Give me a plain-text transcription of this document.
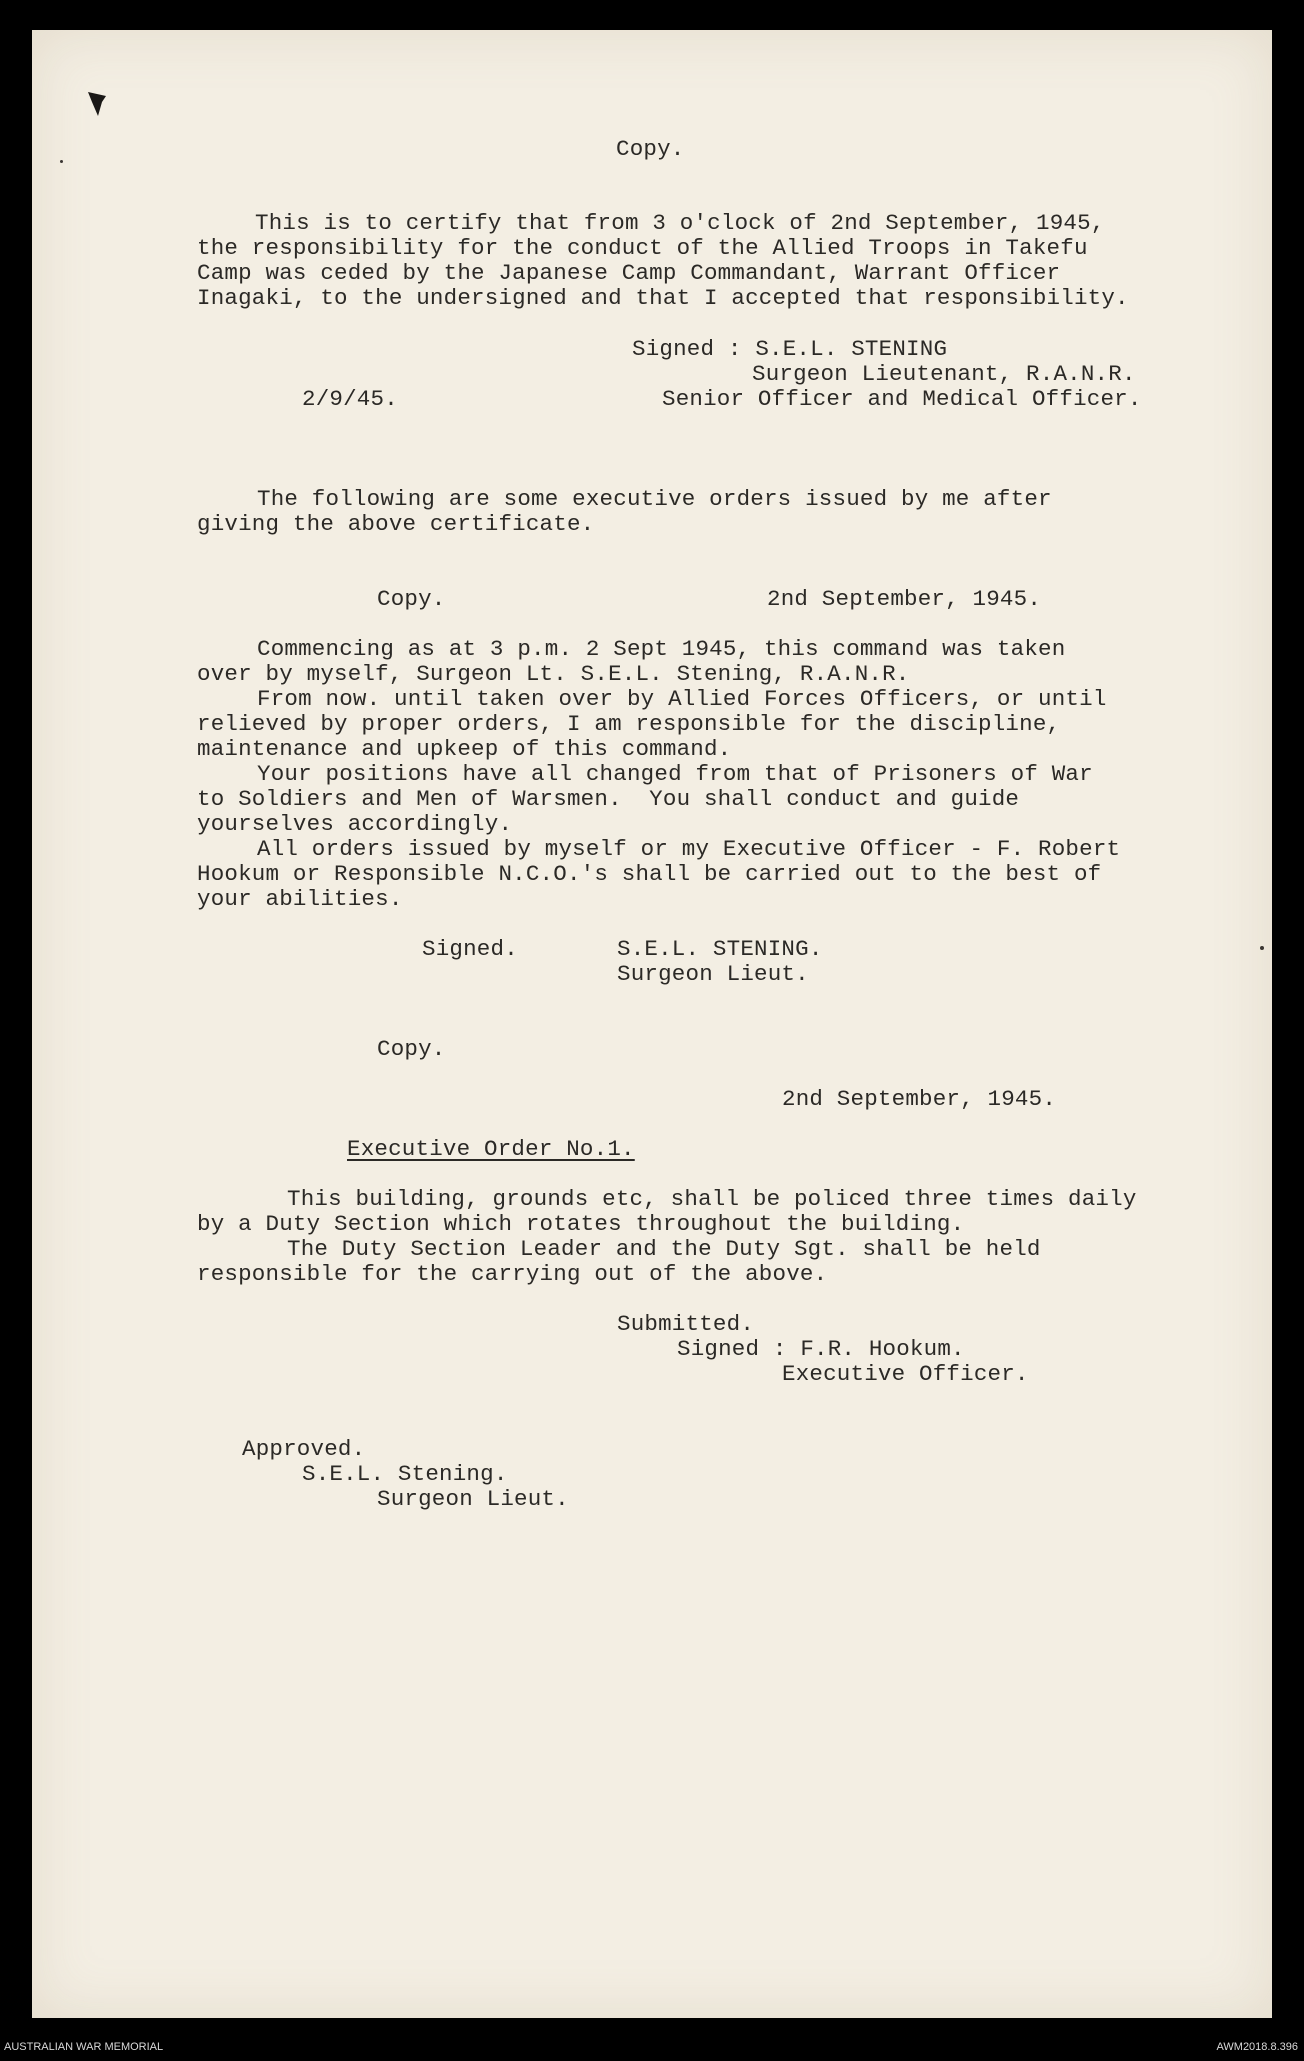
Copy.
This is to certify that from 3 o'clock of 2nd September, 1945,
the responsibility for the conduct of the Allied Troops in Takefu
Camp was ceded by the Japanese Camp Commandant, Warrant Officer
Inagaki, to the undersigned and that I accepted that responsibility.
Signed : S.E.L. STENING
Surgeon Lieutenant, R.A.N.R.
2/9/45.	Senior Officer and Medical Officer.
The following are some executive orders issued by me after
giving the above certificate.
Copy.	2nd September, 1945.
Commencing as at 3 p.m. 2 Sept 1945, this command was taken
over by myself, Surgeon Lt. S.E.L. Stening, R.A.N.R.
From now. until taken over by Allied Forces Officers, or until
relieved by proper orders, I am responsible for the discipline,
maintenance and upkeep of this command.
Your positions have all changed from that of Prisoners of War
to Soldiers and Men of Warsmen.  You shall conduct and guide
yourselves accordingly.
All orders issued by myself or my Executive Officer - F. Robert
Hookum or Responsible N.C.O.'s shall be carried out to the best of
your abilities.
Signed.	S.E.L. STENING.
Surgeon Lieut.
Copy.
2nd September, 1945.
Executive Order No.1.
This building, grounds etc, shall be policed three times daily
by a Duty Section which rotates throughout the building.
The Duty Section Leader and the Duty Sgt. shall be held
responsible for the carrying out of the above.
Submitted.
Signed : F.R. Hookum.
Executive Officer.
Approved.
S.E.L. Stening.
Surgeon Lieut.
AUSTRALIAN WAR MEMORIAL	AWM2018.8.396
